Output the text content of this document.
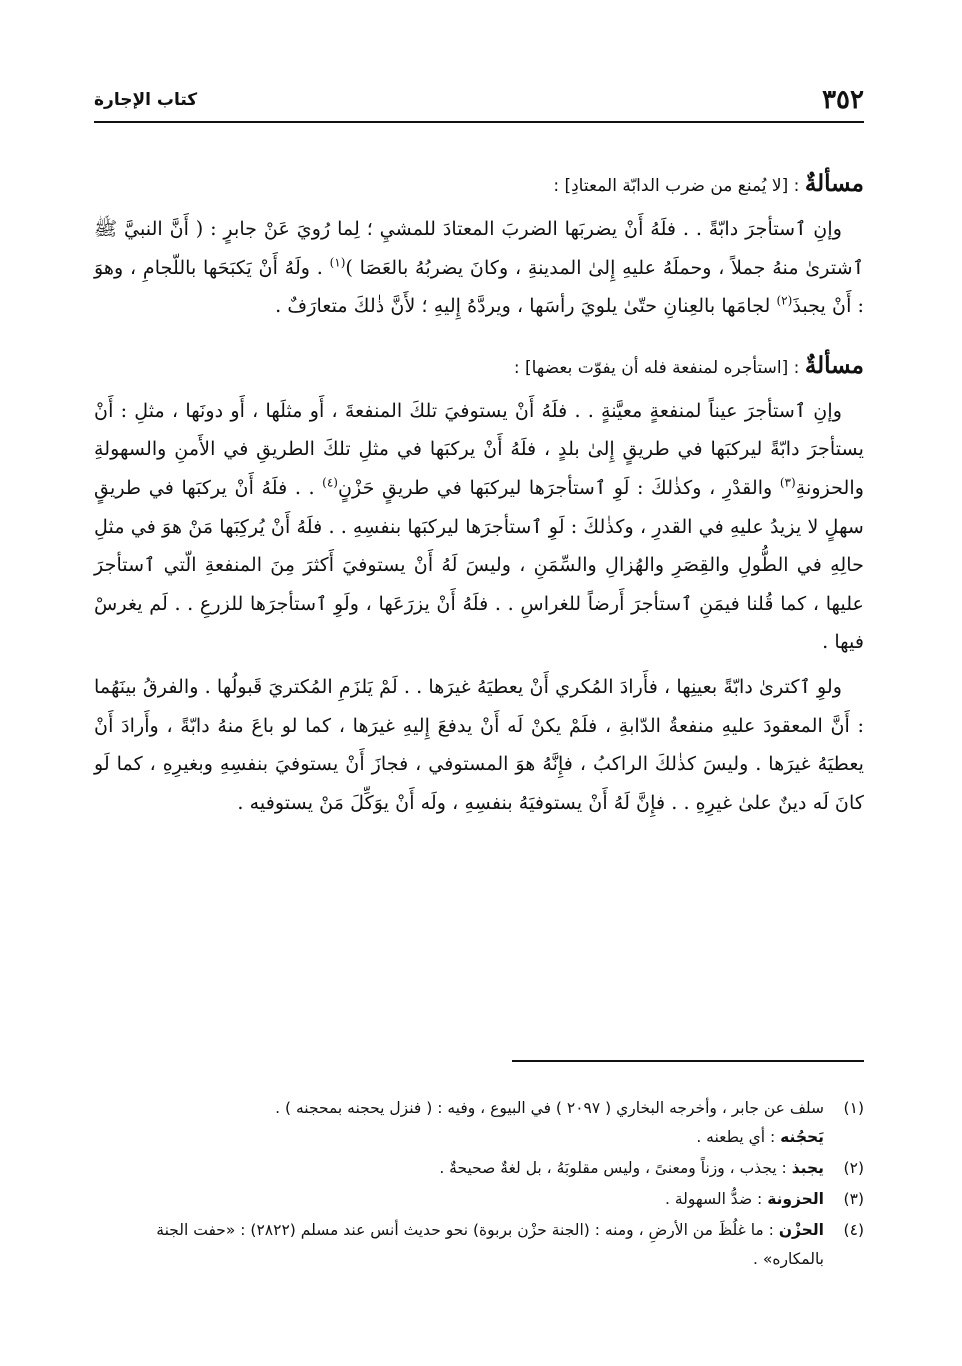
٣٥٢
كتاب الإجارة
مسألةٌ : [لا يُمنع من ضرب الدابّة المعتادِ] :

وإنِ ٱستأجرَ دابّةً . . فلَهُ أَنْ يضربَها الضربَ المعتادَ للمشيِ ؛ لِما رُويَ عَنْ جابرٍ : ( أَنَّ النبيَّ ﷺ ٱشترىٰ منهُ جملاً ، وحملَهُ عليهِ إِلىٰ المدينةِ ، وكانَ يضربُهُ بالعَصَا )$^{(١)}$ . ولَهُ أَنْ يَكبَحَها باللّجامِ ، وهوَ : أَنْ يجبذَ$^{(٢)}$ لجامَها بالعِنانِ حتّىٰ يلويَ رأسَها ، ويردَّهُ إِليهِ ؛ لأَنَّ ذٰلكَ متعارَفٌ .

مسألةٌ : [استأجره لمنفعة فله أن يفوّت بعضها] :

وإنِ ٱستأجرَ عيناً لمنفعةٍ معيَّنةٍ . . فلَهُ أَنْ يستوفيَ تلكَ المنفعةَ ، أَو مثلَها ، أَو دونَها ، مثلِ : أَنْ يستأجرَ دابّةً ليركبَها في طريقٍ إِلىٰ بلدٍ ، فلَهُ أَنْ يركبَها في مثلِ تلكَ الطريقِ في الأَمنِ والسهولةِ والحزونةِ$^{(٣)}$ والقدْرِ ، وكذٰلكَ : لَوِ ٱستأجرَها ليركبَها في طريقٍ حَزْنٍ$^{(٤)}$ . . فلَهُ أَنْ يركبَها في طريقٍ سهلٍ لا يزيدُ عليهِ في القدرِ ، وكذٰلكَ : لَوِ ٱستأجرَها ليركبَها بنفسِهِ . . فلَهُ أَنْ يُركِبَها مَنْ هوَ في مثلِ حالِهِ في الطُّولِ والقِصَرِ والهُزالِ والسِّمَنِ ، وليسَ لَهُ أَنْ يستوفيَ أَكثرَ مِنَ المنفعةِ الّتي ٱستأجرَ عليها ، كما قُلنا فيمَنِ ٱستأجرَ أَرضاً للغراسِ . . فلَهُ أَنْ يزرَعَها ، ولَوِ ٱستأجرَها للزرعِ . . لَم يغرسْ فيها .

ولوِ ٱكترىٰ دابّةً بعينِها ، فأَرادَ المُكري أَنْ يعطيَهُ غيرَها . . لَمْ يَلزَمِ المُكتريَ قَبولُها . والفرقُ بينَهُما : أَنَّ المعقودَ عليهِ منفعةُ الدّابةِ ، فلَمْ يكنْ لَه أَنْ يدفعَ إِليهِ غيرَها ، كما لو باعَ منهُ دابّةً ، وأَرادَ أَنْ يعطيَهُ غيرَها . وليسَ كذٰلكَ الراكبُ ، فإِنَّهُ هوَ المستوفي ، فجازَ أَنْ يستوفيَ بنفسِهِ وبغيرِهِ ، كما لَو كانَ لَه دينٌ علىٰ غيرِهِ . . فإِنَّ لَهُ أَنْ يستوفيَهُ بنفسِهِ ، ولَه أَنْ يوَكِّلَ مَنْ يستوفيه .

(١)
سلف عن جابر ، وأخرجه البخاري ( ٢٠٩٧ ) في البيوع ، وفيه : ( فنزل يحجنه بمحجنه ) .
يَحجُنه : أي يطعنه .
(٢)
يجبذ : يجذب ، وزناً ومعنىً ، وليس مقلوبَهُ ، بل لغةٌ صحيحةٌ .
(٣)
الحزونة : ضدُّ السهولة .
(٤)
الحزْن : ما غلُظَ من الأرضِ ، ومنه : (الجنة حزْن بربوة) نحو حديث أنس عند مسلم (٢٨٢٢) : «حفت الجنة بالمكاره» .
